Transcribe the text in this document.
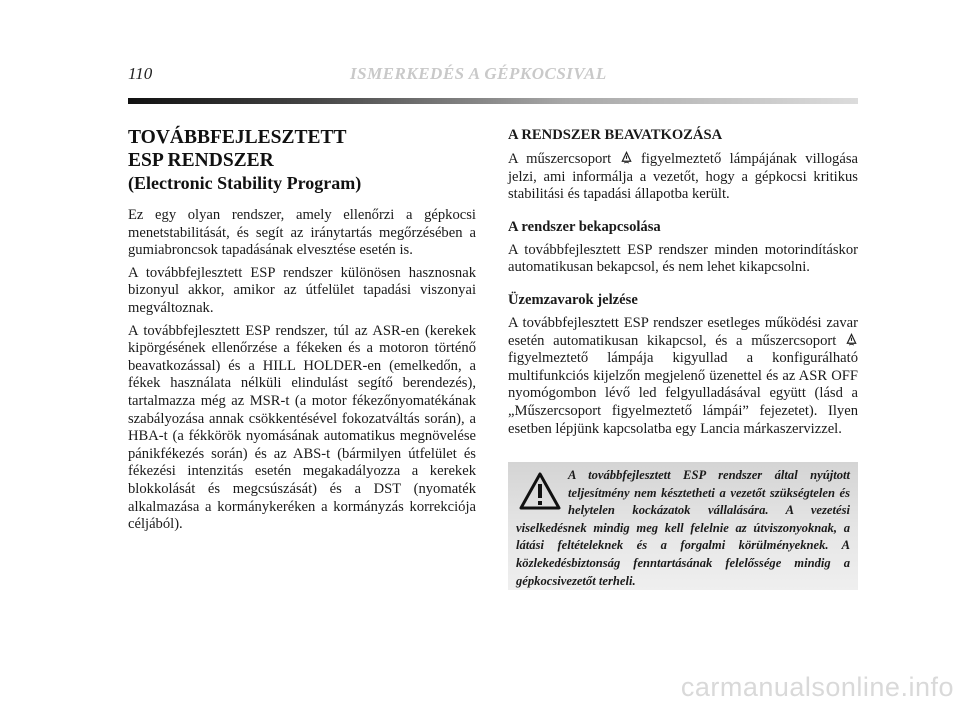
110	ISMERKEDÉS A GÉPKOCSIVAL
TOVÁBBFEJLESZTETT
ESP RENDSZER
(Electronic Stability Program)

Ez egy olyan rendszer, amely ellenőrzi a gépkocsi menetstabilitását, és segít az iránytartás megőrzésében a gumiabroncsok tapadásának elvesztése esetén is.

A továbbfejlesztett ESP rendszer különösen hasznosnak bizonyul akkor, amikor az útfelület tapadási viszonyai megváltoznak.

A továbbfejlesztett ESP rendszer, túl az ASR-en (kerekek kipörgésének ellenőrzése a fékeken és a motoron történő beavatkozással) és a HILL HOLDER-en (emelkedőn, a fékek használata nélküli elindulást segítő berendezés), tartalmazza még az MSR-t (a motor fékezőnyomatékának szabályozása annak csökkentésével fokozatváltás során), a HBA-t (a fékkörök nyomásának automatikus megnövelése pánikfékezés során) és az ABS-t (bármilyen útfelület és fékezési intenzitás esetén megakadályozza a kerekek blokkolását és megcsúszását) és a DST (nyomaték alkalmazása a kormánykeréken a kormányzás korrekciója céljából).

A RENDSZER BEAVATKOZÁSA

A műszercsoport figyelmeztető lámpájának villogása jelzi, ami informálja a vezetőt, hogy a gépkocsi kritikus stabilitási és tapadási állapotba került.

A rendszer bekapcsolása

A továbbfejlesztett ESP rendszer minden motorindításkor automatikusan bekapcsol, és nem lehet kikapcsolni.

Üzemzavarok jelzése

A továbbfejlesztett ESP rendszer esetleges működési zavar esetén automatikusan kikapcsol, és a műszercsoport  figyelmeztető lámpája kigyullad a konfigurálható multifunkciós kijelzőn megjelenő üzenettel és az ASR OFF nyomógombon lévő led felgyulladásával együtt (lásd a „Műszercsoport figyelmeztető lámpái” fejezetet). Ilyen esetben lépjünk kapcsolatba egy Lancia márkaszervizzel.

A továbbfejlesztett ESP rendszer által nyújtott teljesítmény nem késztetheti a vezetőt szükségtelen és helytelen kockázatok vállalására. A vezetési viselkedésnek mindig meg kell felelnie az útviszonyoknak, a látási feltételeknek és a forgalmi körülményeknek. A közlekedésbiztonság fenntartásának felelőssége mindig a gépkocsivezetőt terheli.

carmanualsonline.info
